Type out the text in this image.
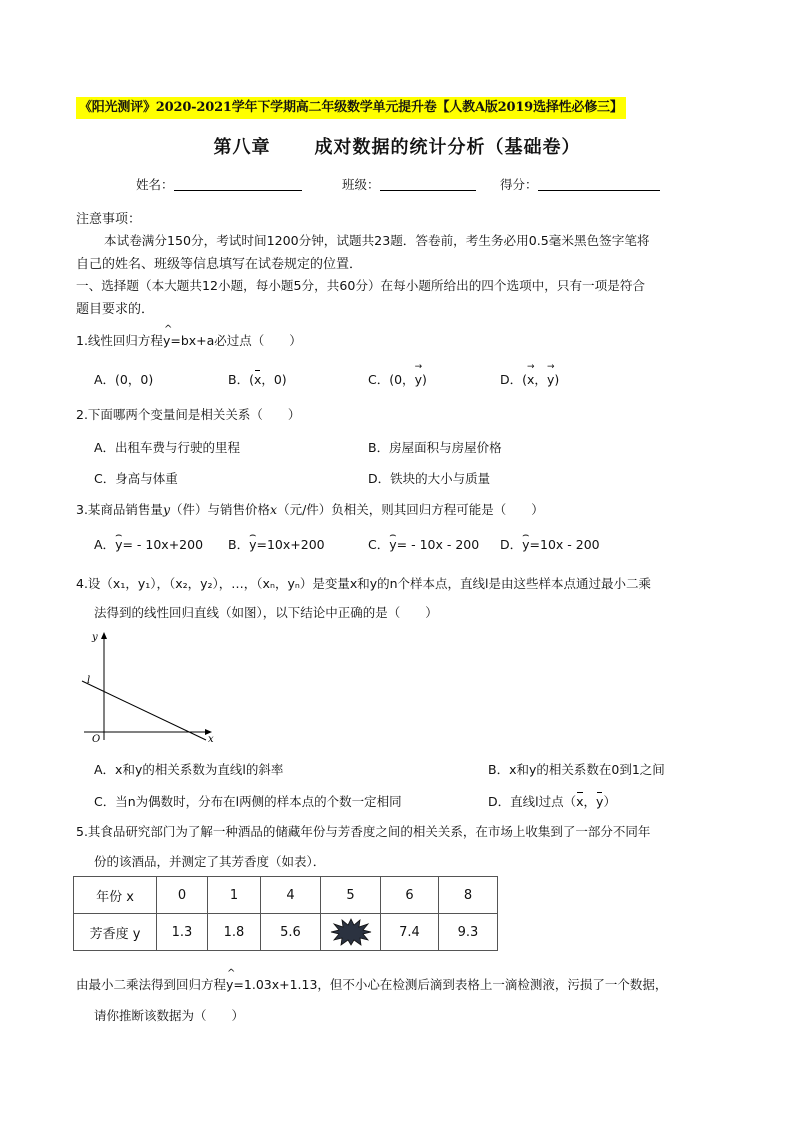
《阳光测评》2020-2021学年下学期高二年级数学单元提升卷【人教A版2019选择性必修三】
第八章 成对数据的统计分析（基础卷）
姓名：	班级：	得分：
注意事项：
本试卷满分150分，考试时间1200分钟，试题共23题．答卷前，考生务必用0.5毫米黑色签字笔将
自己的姓名、班级等信息填写在试卷规定的位置．
一、选择题（本大题共12小题，每小题5分，共60分）在每小题所给出的四个选项中，只有一项是符合
题目要求的．
1.线性回归方程^ y=bx+a必过点（　　）
A．(0，0)	B．(x，0)	C．(0，→ y)	D．(→ x，→ y)
2.下面哪两个变量间是相关关系（　　）
A．出租车费与行驶的里程	B．房屋面积与房屋价格
C．身高与体重	D．铁块的大小与质量
3.某商品销售量y（件）与销售价格x（元/件）负相关，则其回归方程可能是（　　）
A．⌢ y= - 10x+200 B．⌢ y=10x+200	C．⌢ y= - 10x - 200 D．⌢ y=10x - 200
4.设（x₁，y₁），（x₂，y₂），…，（xₙ，yₙ）是变量x和y的n个样本点，直线l是由这些样本点通过最小二乘
法得到的线性回归直线（如图），以下结论中正确的是（　　）
y
x
O
l
A．x和y的相关系数为直线l的斜率	B．x和y的相关系数在0到1之间
C．当n为偶数时，分布在l两侧的样本点的个数一定相同	D．直线l过点（x，y）
5.其食品研究部门为了解一种酒品的储藏年份与芳香度之间的相关关系，在市场上收集到了一部分不同年
份的该酒品，并测定了其芳香度（如表）．
年份 x	0	1	4	5	6	8
芳香度 y	1.3	1.8	5.6		7.4	9.3
由最小二乘法得到回归方程^ y=1.03x+1.13，但不小心在检测后滴到表格上一滴检测液，污损了一个数据，
请你推断该数据为（　　）
